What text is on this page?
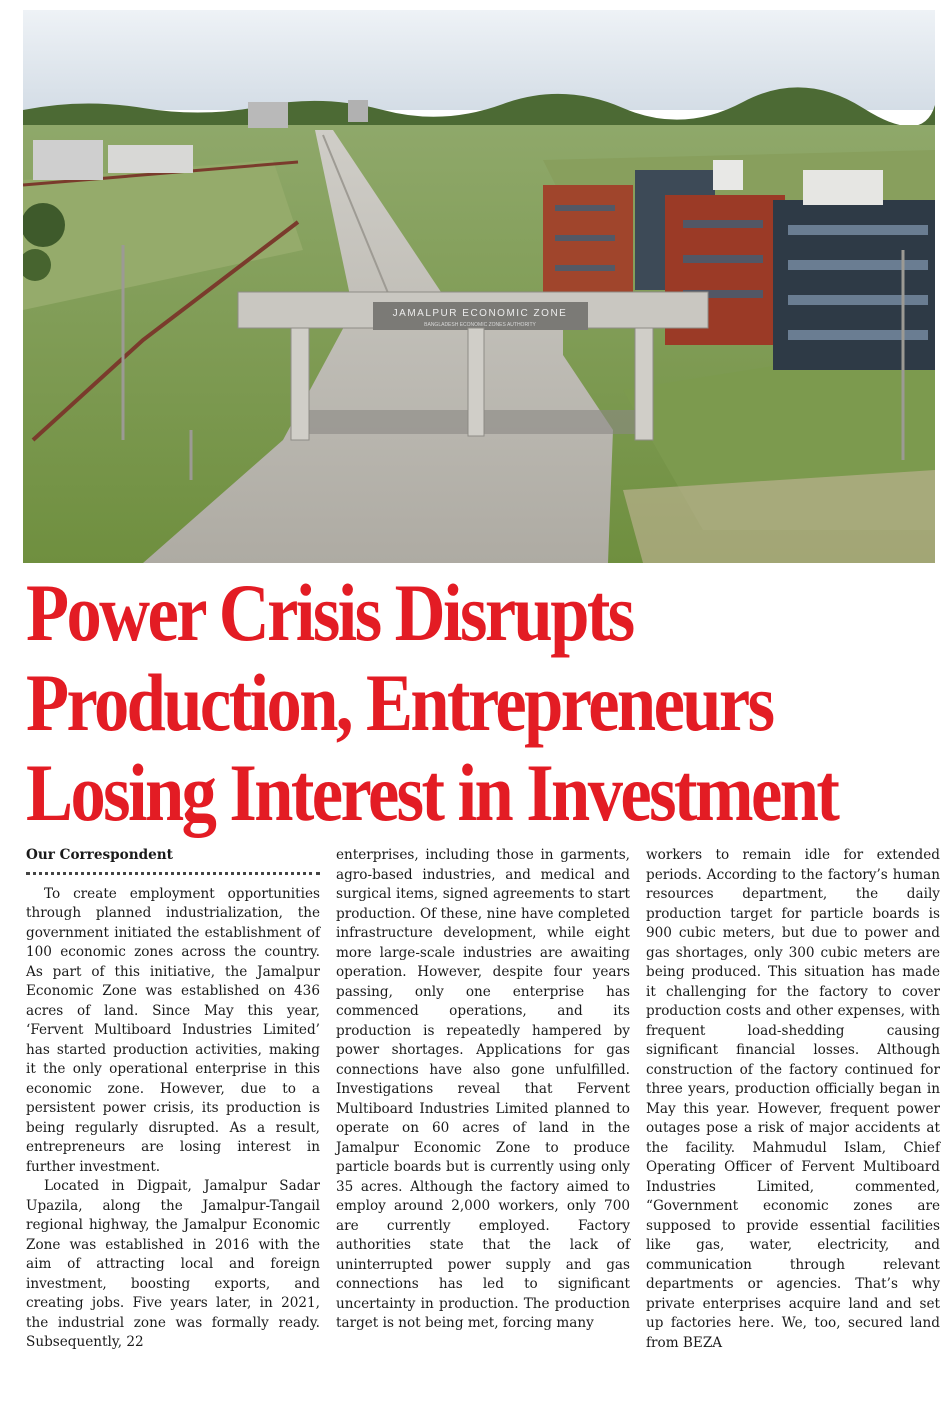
JAMALPUR ECONOMIC ZONE
BANGLADESH ECONOMIC ZONES AUTHORITY
Power Crisis Disrupts
Production, Entrepreneurs
Losing Interest in Investment
Our Correspondent

To create employment opportunities through planned industrialization, the government initiated the establishment of 100 economic zones across the country. As part of this initiative, the Jamalpur Economic Zone was established on 436 acres of land. Since May this year, ‘Fervent Multiboard Industries Limited’ has started production activities, making it the only operational enterprise in this economic zone. However, due to a persistent power crisis, its production is being regularly disrupted. As a result, entrepreneurs are losing interest in further investment.

Located in Digpait, Jamalpur Sadar Upazila, along the Jamalpur-Tangail regional highway, the Jamalpur Economic Zone was established in 2016 with the aim of attracting local and foreign investment, boosting exports, and creating jobs. Five years later, in 2021, the industrial zone was formally ready. Subsequently, 22

enterprises, including those in garments, agro-based industries, and medical and surgical items, signed agreements to start production. Of these, nine have completed infrastructure development, while eight more large-scale industries are awaiting operation. However, despite four years passing, only one enterprise has commenced operations, and its production is repeatedly hampered by power shortages. Applications for gas connections have also gone unfulfilled. Investigations reveal that Fervent Multiboard Industries Limited planned to operate on 60 acres of land in the Jamalpur Economic Zone to produce particle boards but is currently using only 35 acres. Although the factory aimed to employ around 2,000 workers, only 700 are currently employed. Factory authorities state that the lack of uninterrupted power supply and gas connections has led to significant uncertainty in production. The production target is not being met, forcing many

workers to remain idle for extended periods. According to the factory’s human resources department, the daily production target for particle boards is 900 cubic meters, but due to power and gas shortages, only 300 cubic meters are being produced. This situation has made it challenging for the factory to cover production costs and other expenses, with frequent load-shedding causing significant financial losses. Although construction of the factory continued for three years, production officially began in May this year. However, frequent power outages pose a risk of major accidents at the facility. Mahmudul Islam, Chief Operating Officer of Fervent Multiboard Industries Limited, commented, “Government economic zones are supposed to provide essential facilities like gas, water, electricity, and communication through relevant departments or agencies. That’s why private enterprises acquire land and set up factories here. We, too, secured land from BEZA
